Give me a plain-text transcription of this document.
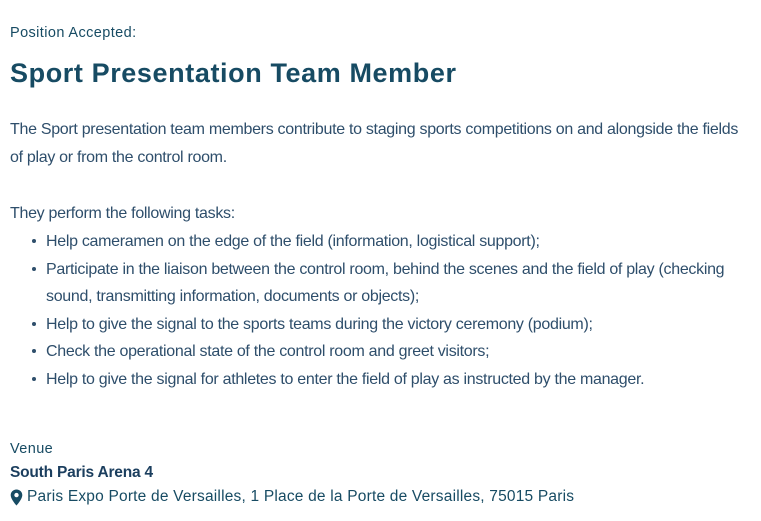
Position Accepted:
Sport Presentation Team Member

The Sport presentation team members contribute to staging sports competitions on and alongside the fields of play or from the control room.

They perform the following tasks:

Help cameramen on the edge of the field (information, logistical support);
Participate in the liaison between the control room, behind the scenes and the field of play (checking sound, transmitting information, documents or objects);
Help to give the signal to the sports teams during the victory ceremony (podium);
Check the operational state of the control room and greet visitors;
Help to give the signal for athletes to enter the field of play as instructed by the manager.
Venue
South Paris Arena 4
Paris Expo Porte de Versailles, 1 Place de la Porte de Versailles, 75015 Paris
